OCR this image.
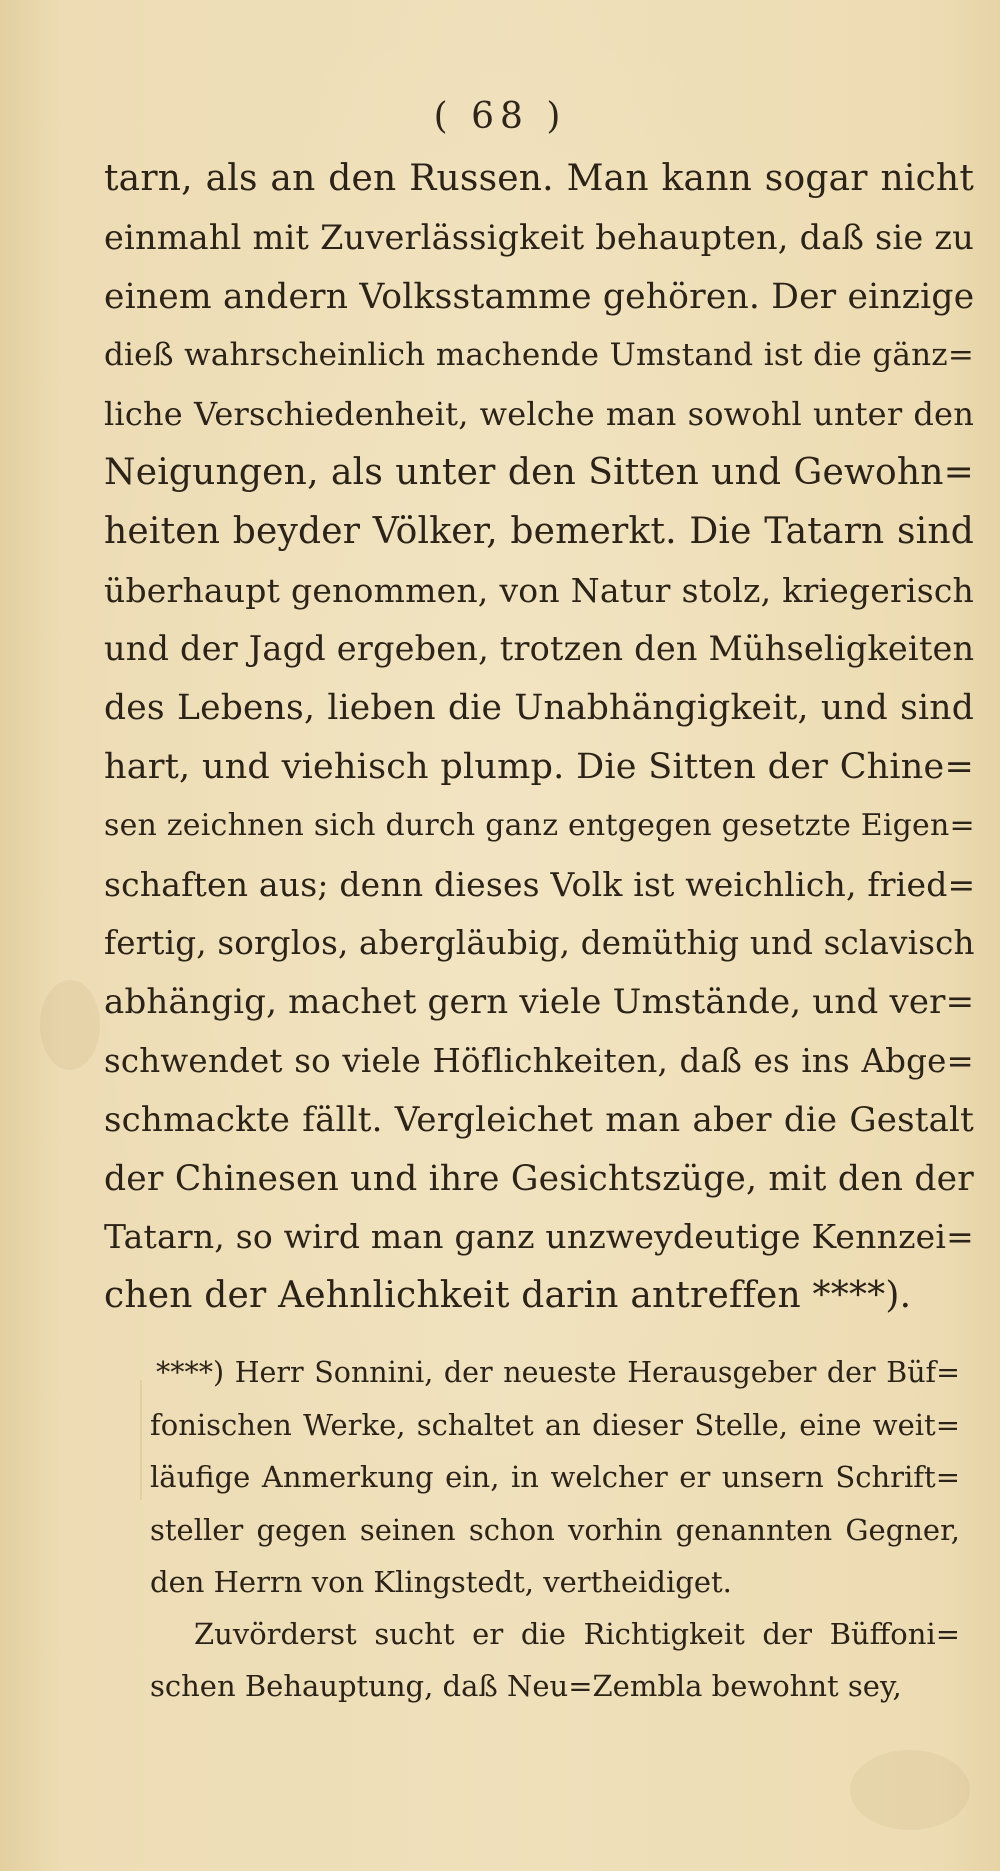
( 68 )
tarn, als an den Russen. Man kann sogar nicht
einmahl mit Zuverlässigkeit behaupten, daß sie zu
einem andern Volksstamme gehören. Der einzige
dieß wahrscheinlich machende Umstand ist die gänz=
liche Verschiedenheit, welche man sowohl unter den
Neigungen, als unter den Sitten und Gewohn=
heiten beyder Völker, bemerkt. Die Tatarn sind
überhaupt genommen, von Natur stolz, kriegerisch
und der Jagd ergeben, trotzen den Mühseligkeiten
des Lebens, lieben die Unabhängigkeit, und sind
hart, und viehisch plump. Die Sitten der Chine=
sen zeichnen sich durch ganz entgegen gesetzte Eigen=
schaften aus; denn dieses Volk ist weichlich, fried=
fertig, sorglos, abergläubig, demüthig und sclavisch
abhängig, machet gern viele Umstände, und ver=
schwendet so viele Höflichkeiten, daß es ins Abge=
schmackte fällt. Vergleichet man aber die Gestalt
der Chinesen und ihre Gesichtszüge, mit den der
Tatarn, so wird man ganz unzweydeutige Kennzei=
chen der Aehnlichkeit darin antreffen ****).
****) Herr Sonnini, der neueste Herausgeber der Büf=
fonischen Werke, schaltet an dieser Stelle, eine weit=
läufige Anmerkung ein, in welcher er unsern Schrift=
steller gegen seinen schon vorhin genannten Gegner,
den Herrn von Klingstedt, vertheidiget.
Zuvörderst sucht er die Richtigkeit der Büffoni=
schen Behauptung, daß Neu=Zembla bewohnt sey,
